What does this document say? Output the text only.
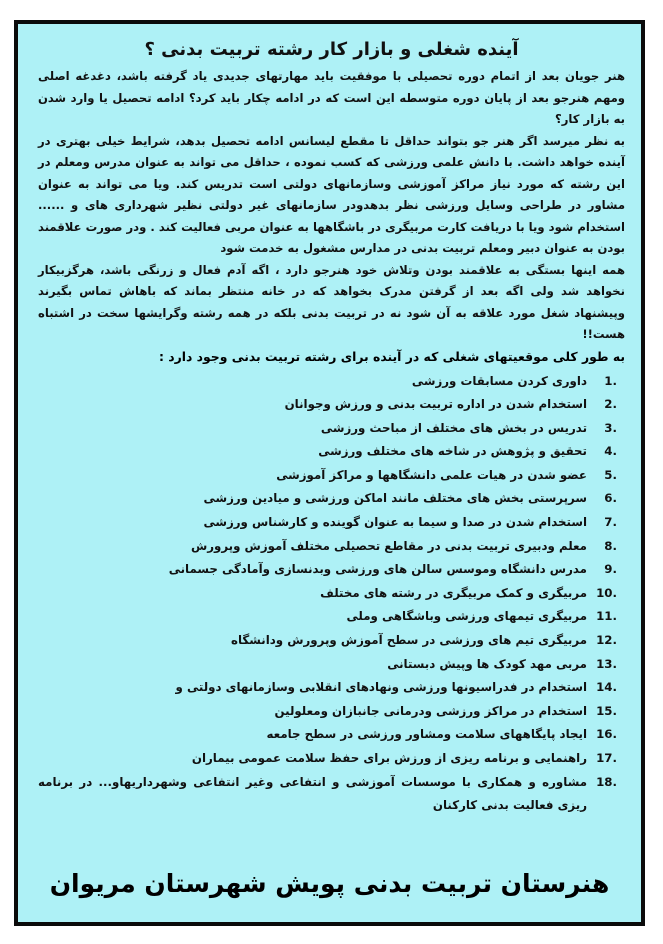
آینده شغلی و بازار کار رشته تربیت بدنی ؟

هنر جویان بعد از اتمام دوره تحصیلی با موفقیت باید مهارتهای جدیدی یاد گرفته باشد، دغدغه اصلی ومهم هنرجو بعد از پایان دوره متوسطه این است که در ادامه چکار باید کرد؟ ادامه تحصیل یا وارد شدن به بازار کار؟

به نظر میرسد اگر هنر جو بتواند حداقل تا مقطع لیسانس ادامه تحصیل بدهد، شرایط خیلی بهتری در آینده خواهد داشت. با دانش علمی ورزشی که کسب نموده ، حداقل می تواند به عنوان مدرس ومعلم در این رشته که مورد نیاز مراکز آموزشی وسازمانهای دولتی است تدریس کند. ویا می تواند به عنوان مشاور در طراحی وسایل ورزشی نظر بدهدودر سازمانهای غیر دولتی نظیر شهرداری های و ...... استخدام شود ویا با دریافت کارت مربیگری در باشگاهها به عنوان مربی فعالیت کند . ودر صورت علاقمند بودن به عنوان دبیر ومعلم تربیت بدنی در مدارس مشغول به خدمت شود

همه اینها بستگی به علاقمند بودن وتلاش خود هنرجو دارد ، اگه آدم فعال و زرنگی باشد، هرگزبیکار نخواهد شد ولی اگه بعد از گرفتن مدرک بخواهد که در خانه منتظر بماند که باهاش تماس بگیرند وپیشنهاد شغل مورد علاقه به آن شود نه در تربیت بدنی بلکه در همه رشته وگرایشها سخت در اشتباه هست!!

به طور کلی موقعیتهای شغلی که در آینده برای رشته تربیت بدنی وجود دارد :

.1
داوری کردن مسابقات ورزشی
.2
استخدام شدن در اداره تربیت بدنی و ورزش وجوانان
.3
تدریس در بخش های مختلف از مباحث ورزشی
.4
تحقیق و پژوهش در شاخه های مختلف ورزشی
.5
عضو شدن در هیات علمی دانشگاهها و مراکز آموزشی
.6
سرپرستی بخش های مختلف مانند اماکن ورزشی و میادین ورزشی
.7
استخدام شدن در صدا و سیما به عنوان گوینده و کارشناس ورزشی
.8
معلم ودبیری تربیت بدنی در مقاطع تحصیلی مختلف آموزش وپرورش
.9
مدرس دانشگاه وموسس سالن های ورزشی وبدنسازی وآمادگی جسمانی
.10
مربیگری و کمک مربیگری در رشته های مختلف
.11
مربیگری تیمهای ورزشی وباشگاهی وملی
.12
مربیگری تیم های ورزشی در سطح آموزش وپرورش ودانشگاه
.13
مربی مهد کودک ها وپیش دبستانی
.14
استخدام در فدراسیونها ورزشی ونهادهای انقلابی وسازمانهای دولتی و
.15
استخدام در مراکز ورزشی ودرمانی جانبازان ومعلولین
.16
ایجاد پایگاههای سلامت ومشاور ورزشی در سطح جامعه
.17
راهنمایی و برنامه ریزی از ورزش برای حفظ سلامت عمومی بیماران
.18
مشاوره و همکاری با موسسات آموزشی و انتفاعی وغیر انتفاعی وشهرداریهاو... در برنامه ریزی فعالیت بدنی کارکنان
هنرستان تربیت بدنی پویش شهرستان مریوان
